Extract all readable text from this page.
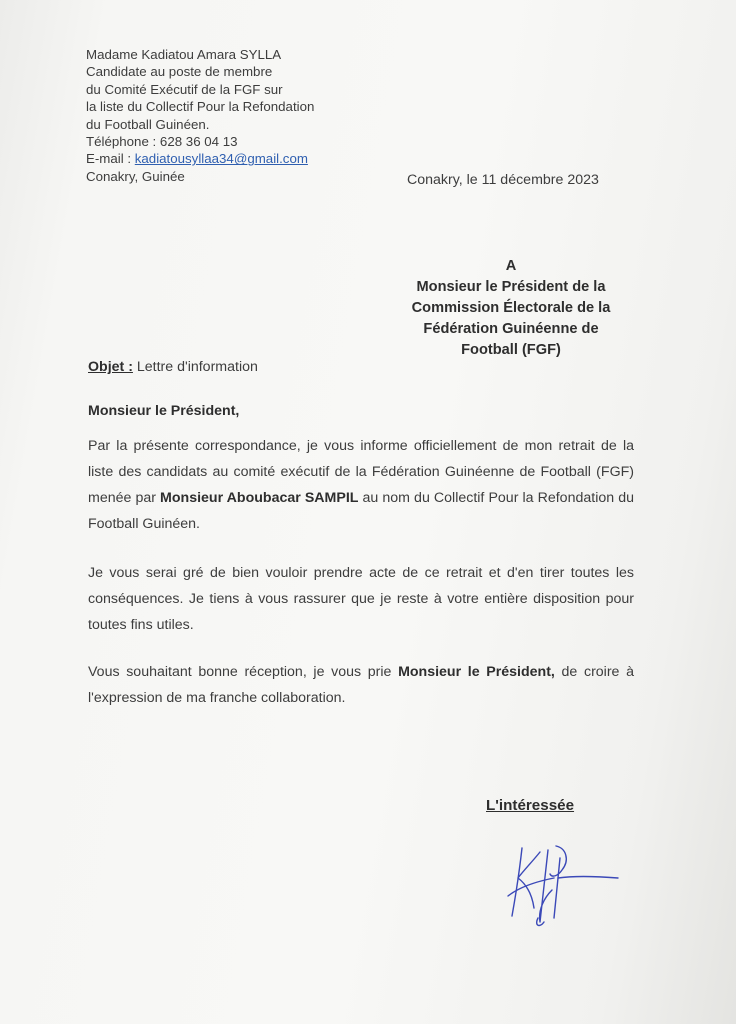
Madame Kadiatou Amara SYLLA
Candidate au poste de membre
du Comité Exécutif de la FGF sur
la liste du Collectif Pour la Refondation
du Football Guinéen.
Téléphone : 628 36 04 13
E-mail : kadiatousyllaa34@gmail.com
Conakry, Guinée	Conakry, le 11 décembre 2023
A
Monsieur le Président de la
Commission Électorale de la
Fédération Guinéenne de
Football (FGF)
Objet : Lettre d'information
Monsieur le Président,
Par la présente correspondance, je vous informe officiellement de mon retrait de la liste des candidats au comité exécutif de la Fédération Guinéenne de Football (FGF) menée par Monsieur Aboubacar SAMPIL au nom du Collectif Pour la Refondation du Football Guinéen.
Je vous serai gré de bien vouloir prendre acte de ce retrait et d'en tirer toutes les conséquences. Je tiens à vous rassurer que je reste à votre entière disposition pour toutes fins utiles.
Vous souhaitant bonne réception, je vous prie Monsieur le Président, de croire à l'expression de ma franche collaboration.
L'intéressée
